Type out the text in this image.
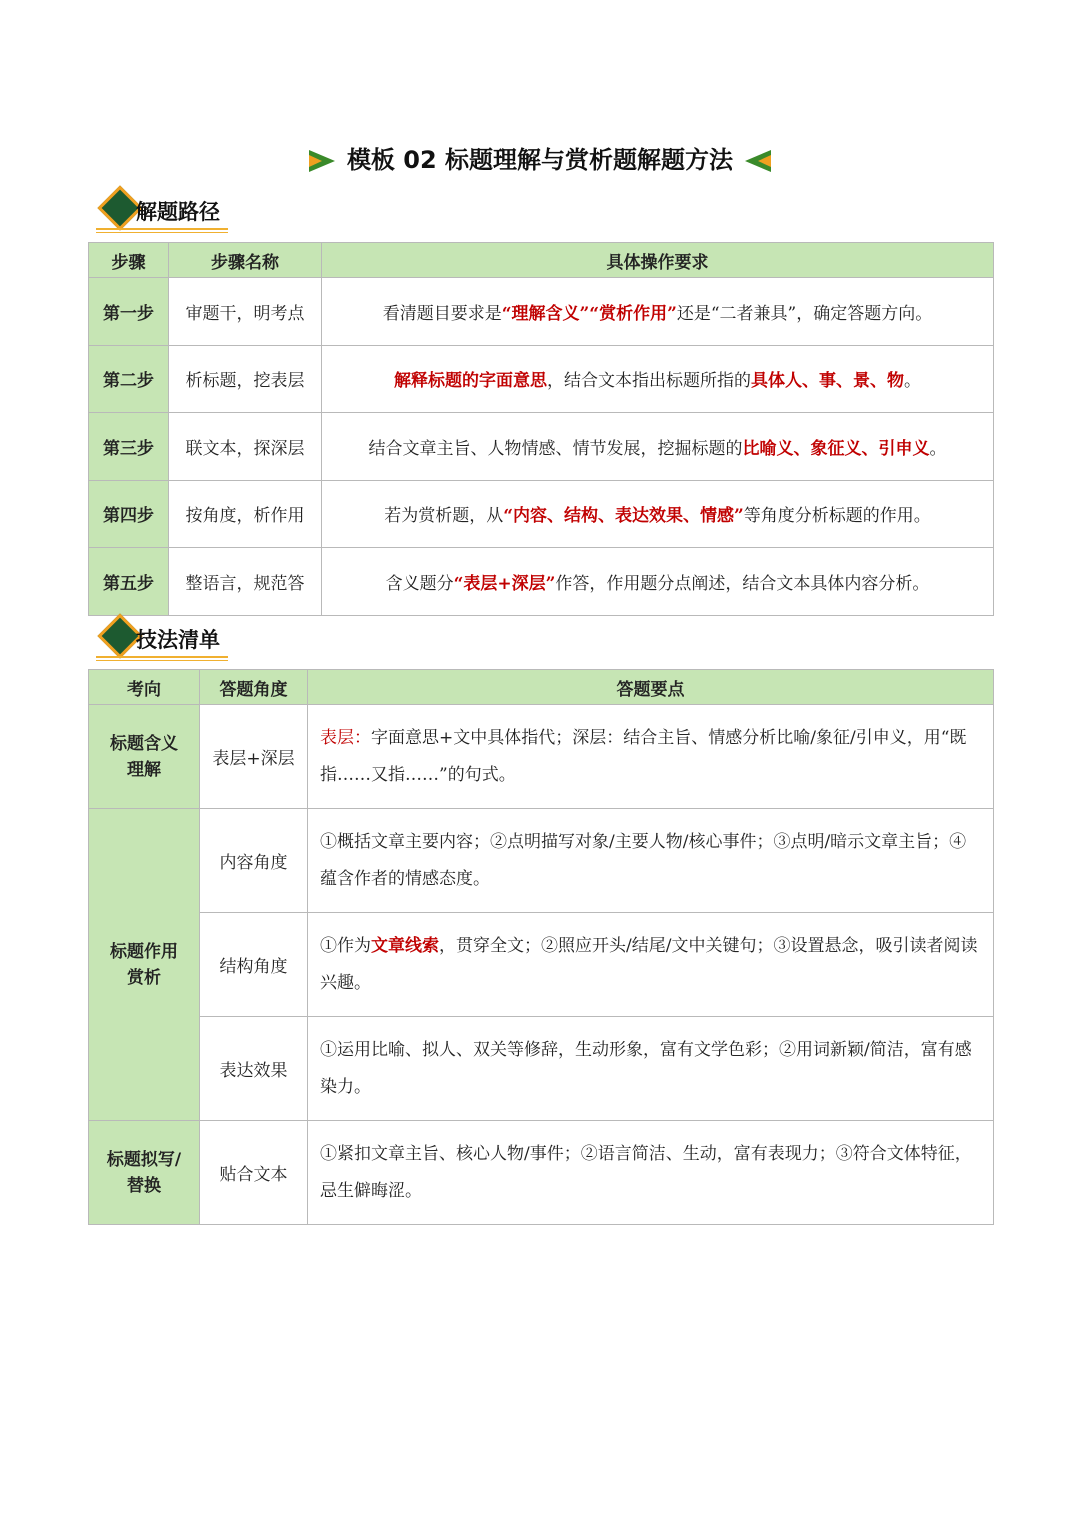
模板 02 标题理解与赏析题解题方法
解题路径
步骤	步骤名称	具体操作要求
第一步	审题干，明考点	看清题目要求是“理解含义”“赏析作用”还是“二者兼具”，确定答题方向。
第二步	析标题，挖表层	解释标题的字面意思，结合文本指出标题所指的具体人、事、景、物。
第三步	联文本，探深层	结合文章主旨、人物情感、情节发展，挖掘标题的比喻义、象征义、引申义。
第四步	按角度，析作用	若为赏析题，从“内容、结构、表达效果、情感”等角度分析标题的作用。
第五步	整语言，规范答	含义题分“表层+深层”作答，作用题分点阐述，结合文本具体内容分析。
技法清单
考向	答题角度	答题要点
标题含义理解	表层+深层	表层：字面意思+文中具体指代；深层：结合主旨、情感分析比喻/象征/引申义，用“既指……又指……”的句式。
标题作用赏析	内容角度	①概括文章主要内容；②点明描写对象/主要人物/核心事件；③点明/暗示文章主旨；④蕴含作者的情感态度。
	结构角度	①作为文章线索，贯穿全文；②照应开头/结尾/文中关键句；③设置悬念，吸引读者阅读兴趣。
	表达效果	①运用比喻、拟人、双关等修辞，生动形象，富有文学色彩；②用词新颖/简洁，富有感染力。
标题拟写/替换	贴合文本	①紧扣文章主旨、核心人物/事件；②语言简洁、生动，富有表现力；③符合文体特征，忌生僻晦涩。
